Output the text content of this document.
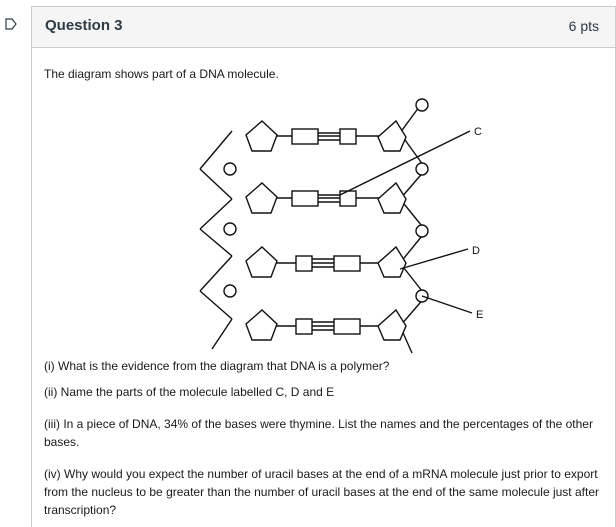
Question 3	6 pts
The diagram shows part of a DNA molecule.
C
D
E
(i) What is the evidence from the diagram that DNA is a polymer?
(ii) Name the parts of the molecule labelled C, D and E
(iii) In a piece of DNA, 34% of the bases were thymine. List the names and the percentages of the other bases.
(iv) Why would you expect the number of uracil bases at the end of a mRNA molecule just prior to export from the nucleus to be greater than the number of uracil bases at the end of the same molecule just after transcription?
